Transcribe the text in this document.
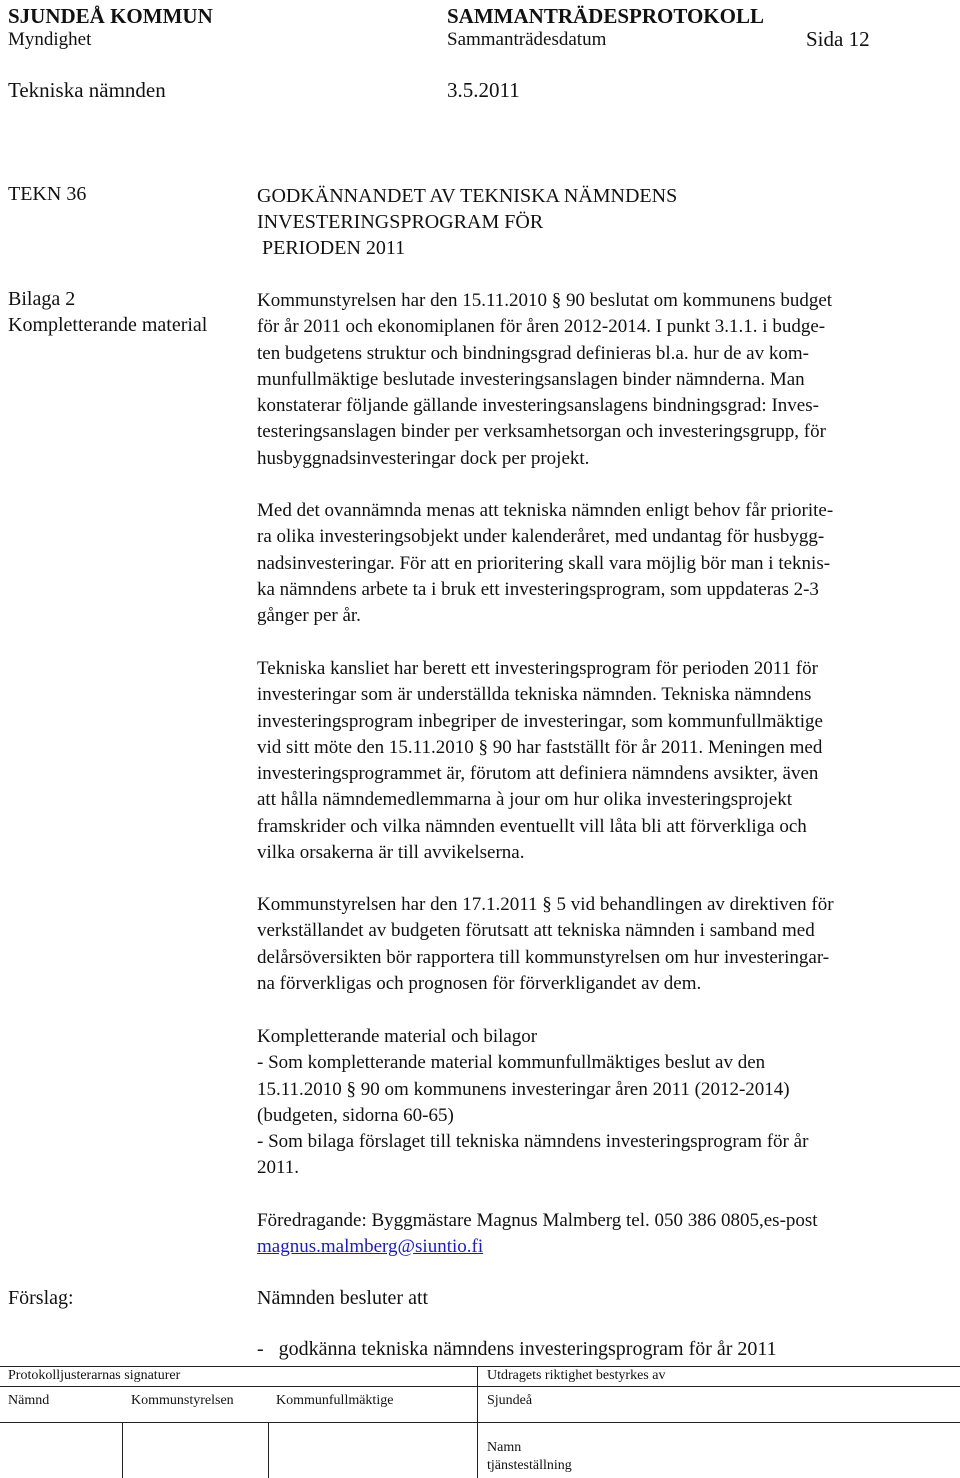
SJUNDEÅ KOMMUN	SAMMANTRÄDESPROTOKOLL
Myndighet	Sammanträdesdatum	Sida 12
Tekniska nämnden	3.5.2011
TEKN 36
Bilaga 2
Kompletterande material
GODKÄNNANDET AV TEKNISKA NÄMNDENS
INVESTERINGSPROGRAM FÖR
PERIODEN 2011
Kommunstyrelsen har den 15.11.2010 § 90 beslutat om kommunens budget
för år 2011 och ekonomiplanen för åren 2012-2014. I punkt 3.1.1. i budge-
ten budgetens struktur och bindningsgrad definieras bl.a. hur de av kom-
munfullmäktige beslutade investeringsanslagen binder nämnderna. Man
konstaterar följande gällande investeringsanslagens bindningsgrad: Inves-
testeringsanslagen binder per verksamhetsorgan och investeringsgrupp, för
husbyggnadsinvesteringar dock per projekt.
Med det ovannämnda menas att tekniska nämnden enligt behov får priorite-
ra olika investeringsobjekt under kalenderåret, med undantag för husbygg-
nadsinvesteringar. För att en prioritering skall vara möjlig bör man i teknis-
ka nämndens arbete ta i bruk ett investeringsprogram, som uppdateras 2-3
gånger per år.
Tekniska kansliet har berett ett investeringsprogram för perioden 2011 för
investeringar som är underställda tekniska nämnden. Tekniska nämndens
investeringsprogram inbegriper de investeringar, som kommunfullmäktige
vid sitt möte den 15.11.2010 § 90 har fastställt för år 2011. Meningen med
investeringsprogrammet är, förutom att definiera nämndens avsikter, även
att hålla nämndemedlemmarna à jour om hur olika investeringsprojekt
framskrider och vilka nämnden eventuellt vill låta bli att förverkliga och
vilka orsakerna är till avvikelserna.
Kommunstyrelsen har den 17.1.2011 § 5 vid behandlingen av direktiven för
verkställandet av budgeten förutsatt att tekniska nämnden i samband med
delårsöversikten bör rapportera till kommunstyrelsen om hur investeringar-
na förverkligas och prognosen för förverkligandet av dem.
Kompletterande material och bilagor
- Som kompletterande material kommunfullmäktiges beslut av den
15.11.2010 § 90 om kommunens investeringar åren 2011 (2012-2014)
(budgeten, sidorna 60-65)
- Som bilaga förslaget till tekniska nämndens investeringsprogram för år
2011.
Föredragande: Byggmästare Magnus Malmberg tel. 050 386 0805,es-post
magnus.malmberg@siuntio.fi
Förslag:	Nämnden besluter att
-   godkänna tekniska nämndens investeringsprogram för år 2011
Protokolljusterarnas signaturer	Utdragets riktighet bestyrkes av
Nämnd	Kommunstyrelsen	Kommunfullmäktige	Sjundeå
Namn
tjänsteställning
